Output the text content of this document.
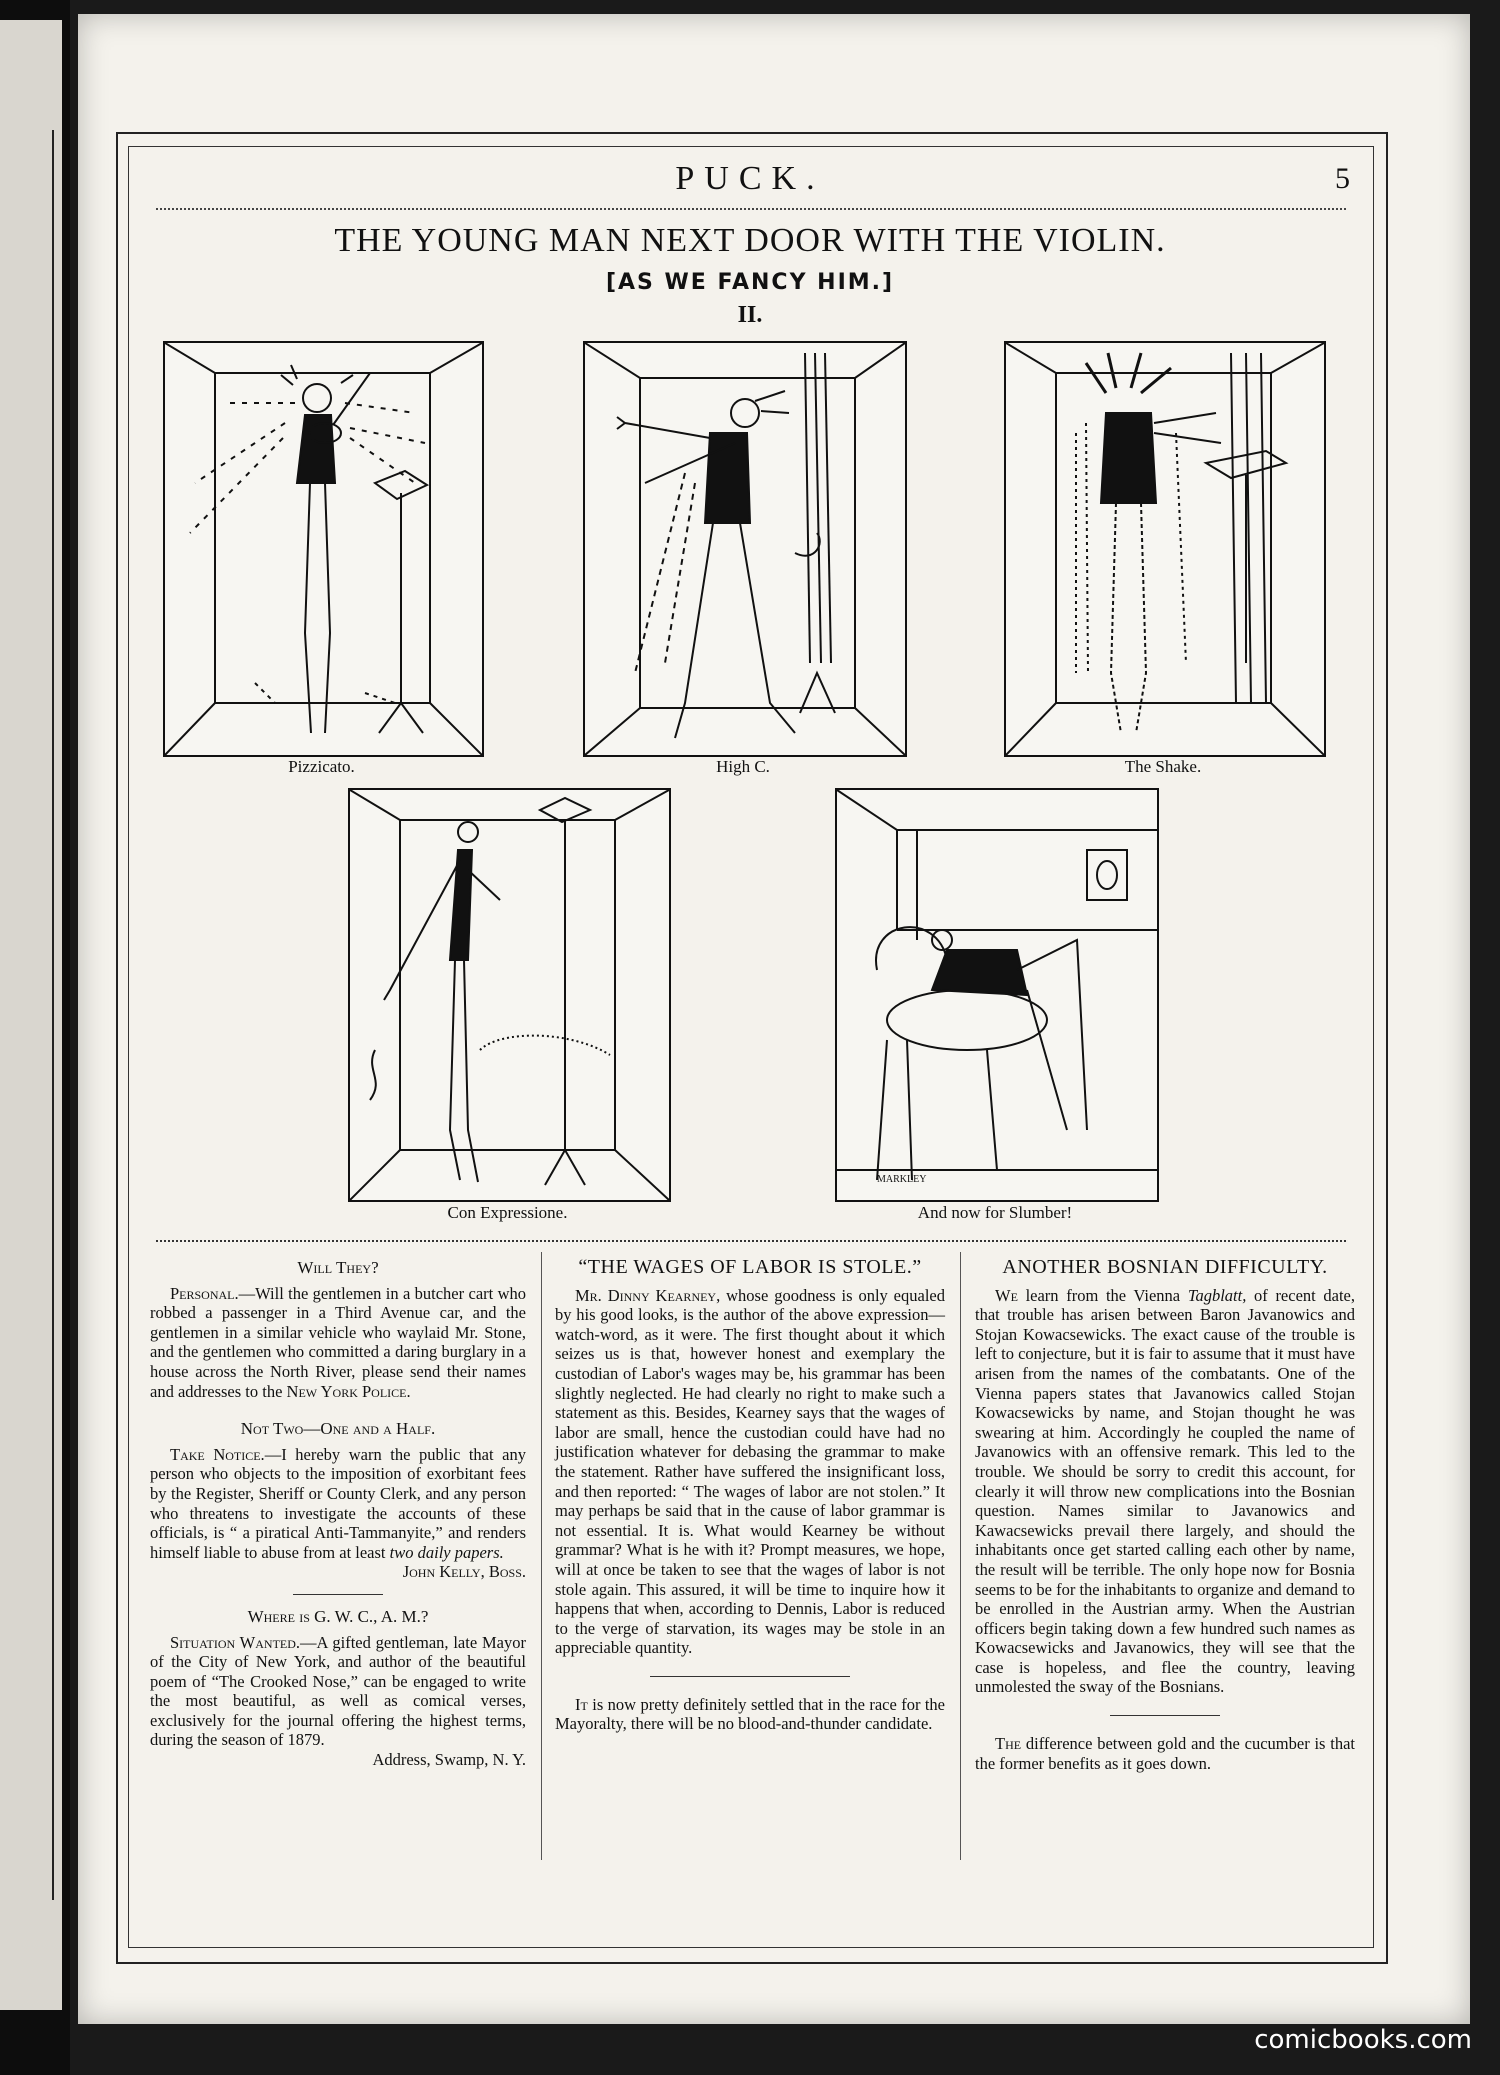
PUCK.	5
THE YOUNG MAN NEXT DOOR WITH THE VIOLIN.
[AS WE FANCY HIM.]
II.
Pizzicato.	High C.	The Shake.
Con Expressione.
MARKLEY
And now for Slumber!
Will They?

Personal.—Will the gentlemen in a butcher cart who robbed a passenger in a Third Avenue car, and the gentlemen in a similar vehicle who waylaid Mr. Stone, and the gentlemen who committed a daring burglary in a house across the North River, please send their names and addresses to the New York Police.

Not Two—One and a Half.

Take Notice.—I hereby warn the public that any person who objects to the imposition of exorbitant fees by the Register, Sheriff or County Clerk, and any person who threatens to investigate the accounts of these officials, is “ a piratical Anti-Tammanyite,” and renders himself liable to abuse from at least two daily papers.

John Kelly, Boss.

Where is G. W. C., A. M.?

Situation Wanted.—A gifted gentleman, late Mayor of the City of New York, and author of the beautiful poem of “The Crooked Nose,” can be engaged to write the most beautiful, as well as comical verses, exclusively for the journal offering the highest terms, during the season of 1879.

Address, Swamp, N. Y.

“THE WAGES OF LABOR IS STOLE.”

Mr. Dinny Kearney, whose goodness is only equaled by his good looks, is the author of the above expression—watch-word, as it were. The first thought about it which seizes us is that, however honest and exemplary the custodian of Labor's wages may be, his grammar has been slightly neglected. He had clearly no right to make such a statement as this. Besides, Kearney says that the wages of labor are small, hence the custodian could have had no justification whatever for debasing the grammar to make the statement. Rather have suffered the insignificant loss, and then reported: “ The wages of labor are not stolen.” It may perhaps be said that in the cause of labor grammar is not essential. It is. What would Kearney be without grammar? What is he with it? Prompt measures, we hope, will at once be taken to see that the wages of labor is not stole again. This assured, it will be time to inquire how it happens that when, according to Dennis, Labor is reduced to the verge of starvation, its wages may be stole in an appreciable quantity.

It is now pretty definitely settled that in the race for the Mayoralty, there will be no blood-and-thunder candidate.

ANOTHER BOSNIAN DIFFICULTY.

We learn from the Vienna Tagblatt, of recent date, that trouble has arisen between Baron Javanowics and Stojan Kowacsewicks. The exact cause of the trouble is left to conjecture, but it is fair to assume that it must have arisen from the names of the combatants. One of the Vienna papers states that Javanowics called Stojan Kowacsewicks by name, and Stojan thought he was swearing at him. Accordingly he coupled the name of Javanowics with an offensive remark. This led to the trouble. We should be sorry to credit this account, for clearly it will throw new complications into the Bosnian question. Names similar to Javanowics and Kawacsewicks prevail there largely, and should the inhabitants once get started calling each other by name, the result will be terrible. The only hope now for Bosnia seems to be for the inhabitants to organize and demand to be enrolled in the Austrian army. When the Austrian officers begin taking down a few hundred such names as Kowacsewicks and Javanowics, they will see that the case is hopeless, and flee the country, leaving unmolested the sway of the Bosnians.

The difference between gold and the cucumber is that the former benefits as it goes down.

comicbooks.com
